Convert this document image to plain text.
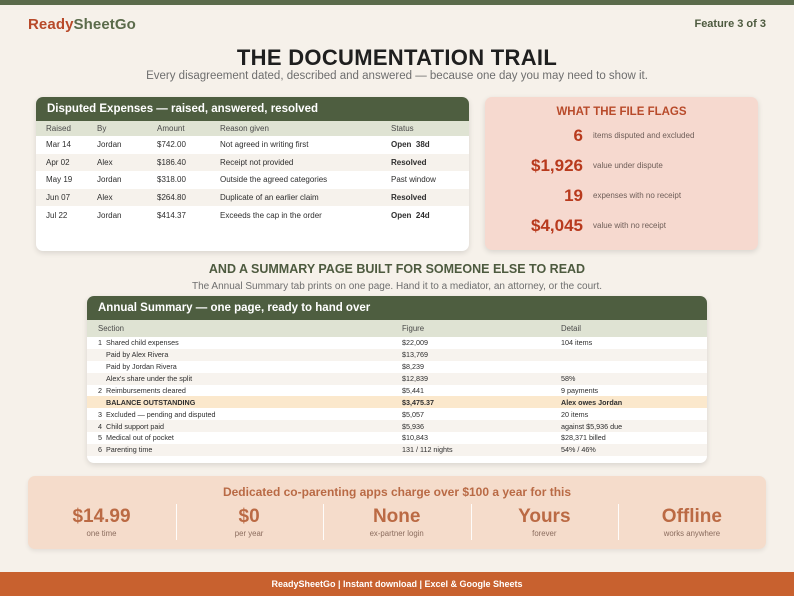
ReadySheetGo	Feature 3 of 3
THE DOCUMENTATION TRAIL
Every disagreement dated, described and answered — because one day you may need to show it.
Disputed Expenses — raised, answered, resolved
Raised	By	Amount	Reason given	Status
Mar 14	Jordan	$742.00	Not agreed in writing first	Open  38d
Apr 02	Alex	$186.40	Receipt not provided	Resolved
May 19	Jordan	$318.00	Outside the agreed categories	Past window
Jun 07	Alex	$264.80	Duplicate of an earlier claim	Resolved
Jul 22	Jordan	$414.37	Exceeds the cap in the order	Open  24d
WHAT THE FILE FLAGS
6 items disputed and excluded
$1,926 value under dispute
19 expenses with no receipt
$4,045 value with no receipt
AND A SUMMARY PAGE BUILT FOR SOMEONE ELSE TO READ
The Annual Summary tab prints on one page. Hand it to a mediator, an attorney, or the court.
Annual Summary — one page, ready to hand over
Section	Figure	Detail
1 Shared child expenses	$22,009	104 items
Paid by Alex Rivera	$13,769	
Paid by Jordan Rivera	$8,239	
Alex's share under the split	$12,839	58%
2 Reimbursements cleared	$5,441	9 payments
BALANCE OUTSTANDING	$3,475.37	Alex owes Jordan
3 Excluded — pending and disputed	$5,057	20 items
4 Child support paid	$5,936	against $5,936 due
5 Medical out of pocket	$10,843	$28,371 billed
6 Parenting time	131 / 112 nights	54% / 46%
Dedicated co-parenting apps charge over $100 a year for this
$14.99
one time
$0
per year
None
ex-partner login
Yours
forever
Offline
works anywhere
ReadySheetGo | Instant download | Excel & Google Sheets
